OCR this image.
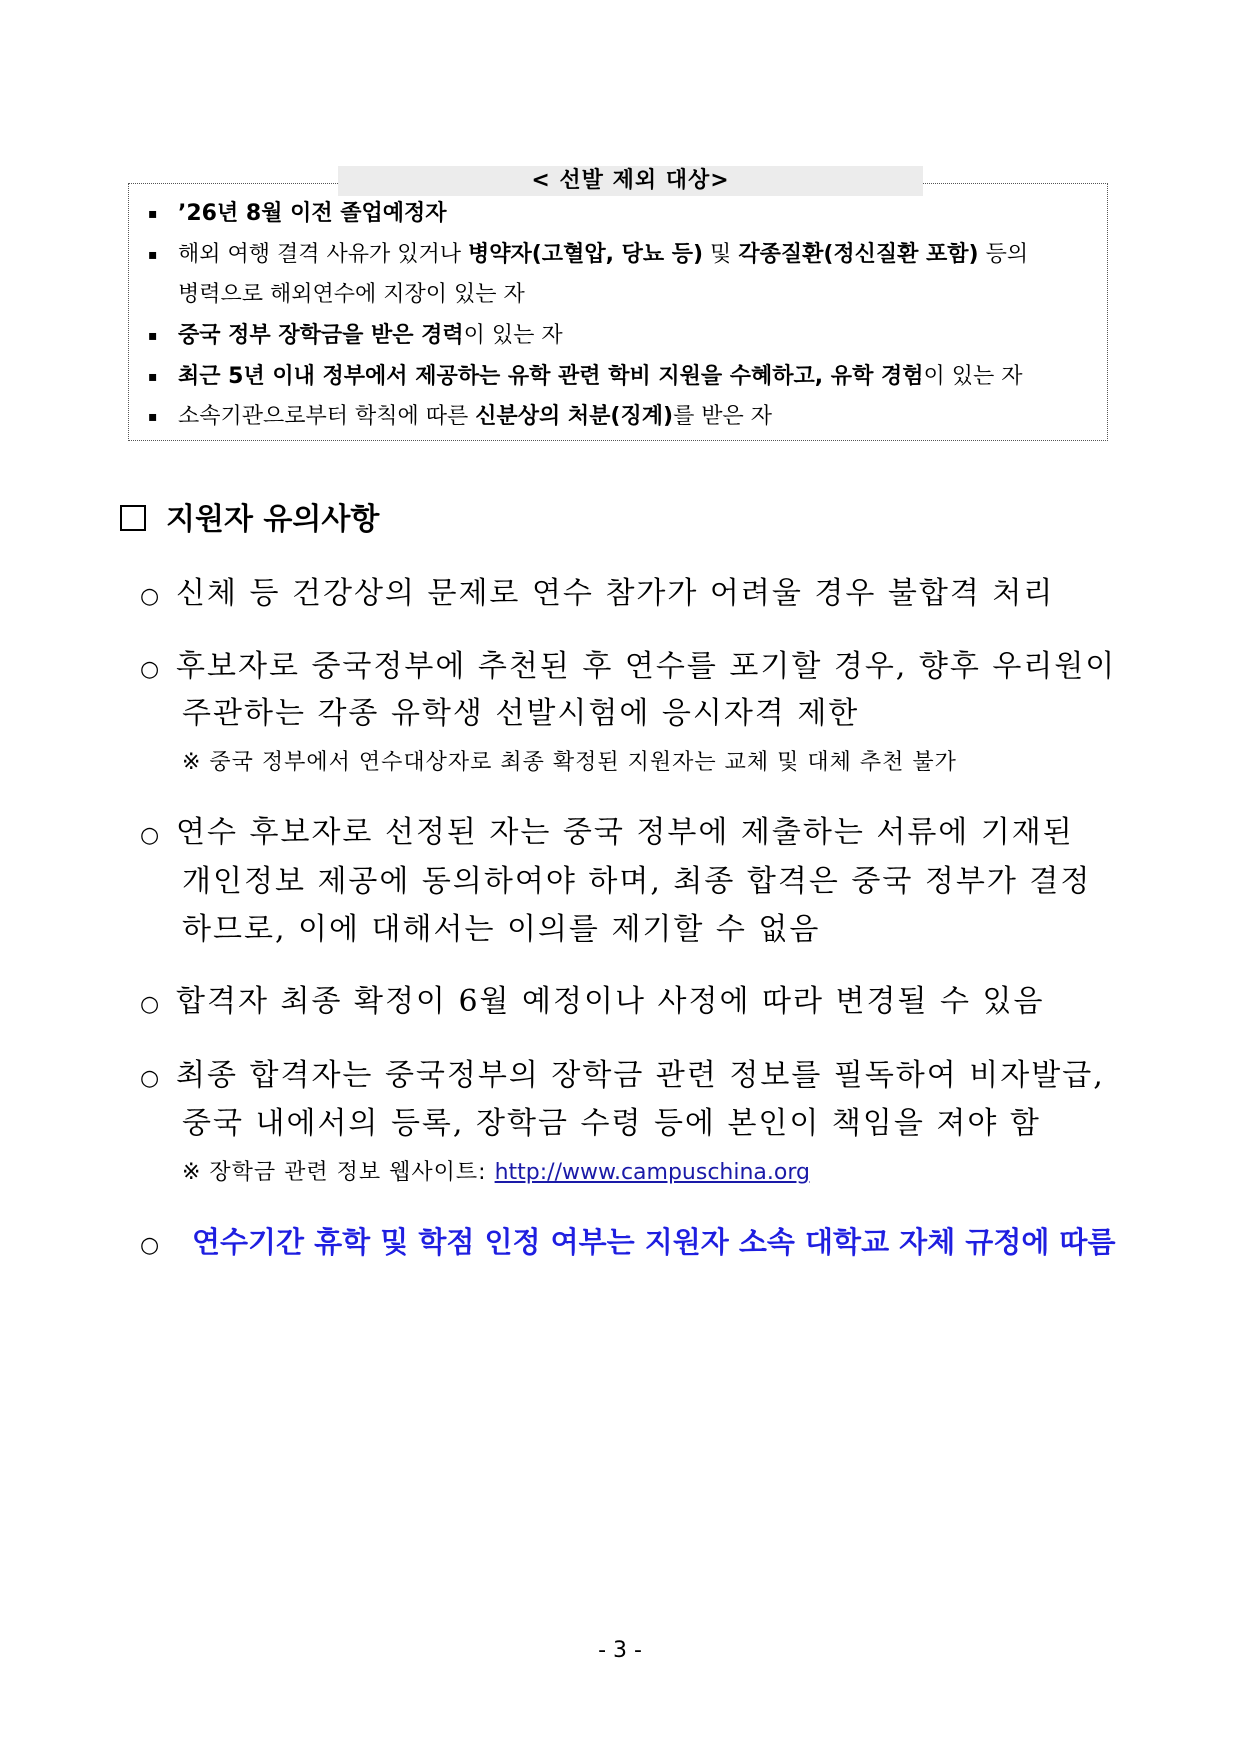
< 선발 제외 대상>
▪ ’26년 8월 이전 졸업예정자
▪ 해외 여행 결격 사유가 있거나 병약자(고혈압, 당뇨 등) 및 각종질환(정신질환 포함) 등의
병력으로 해외연수에 지장이 있는 자
▪ 중국 정부 장학금을 받은 경력이 있는 자
▪ 최근 5년 이내 정부에서 제공하는 유학 관련 학비 지원을 수혜하고, 유학 경험이 있는 자
▪ 소속기관으로부터 학칙에 따른 신분상의 처분(징계)를 받은 자
지원자 유의사항
○ 신체 등 건강상의 문제로 연수 참가가 어려울 경우 불합격 처리
○ 후보자로 중국정부에 추천된 후 연수를 포기할 경우, 향후 우리원이
주관하는 각종 유학생 선발시험에 응시자격 제한
※ 중국 정부에서 연수대상자로 최종 확정된 지원자는 교체 및 대체 추천 불가
○ 연수 후보자로 선정된 자는 중국 정부에 제출하는 서류에 기재된
개인정보 제공에 동의하여야 하며, 최종 합격은 중국 정부가 결정
하므로, 이에 대해서는 이의를 제기할 수 없음
○ 합격자 최종 확정이 6월 예정이나 사정에 따라 변경될 수 있음
○ 최종 합격자는 중국정부의 장학금 관련 정보를 필독하여 비자발급,
중국 내에서의 등록, 장학금 수령 등에 본인이 책임을 져야 함
※ 장학금 관련 정보 웹사이트: http://www.campuschina.org
○ 연수기간 휴학 및 학점 인정 여부는 지원자 소속 대학교 자체 규정에 따름
- 3 -
